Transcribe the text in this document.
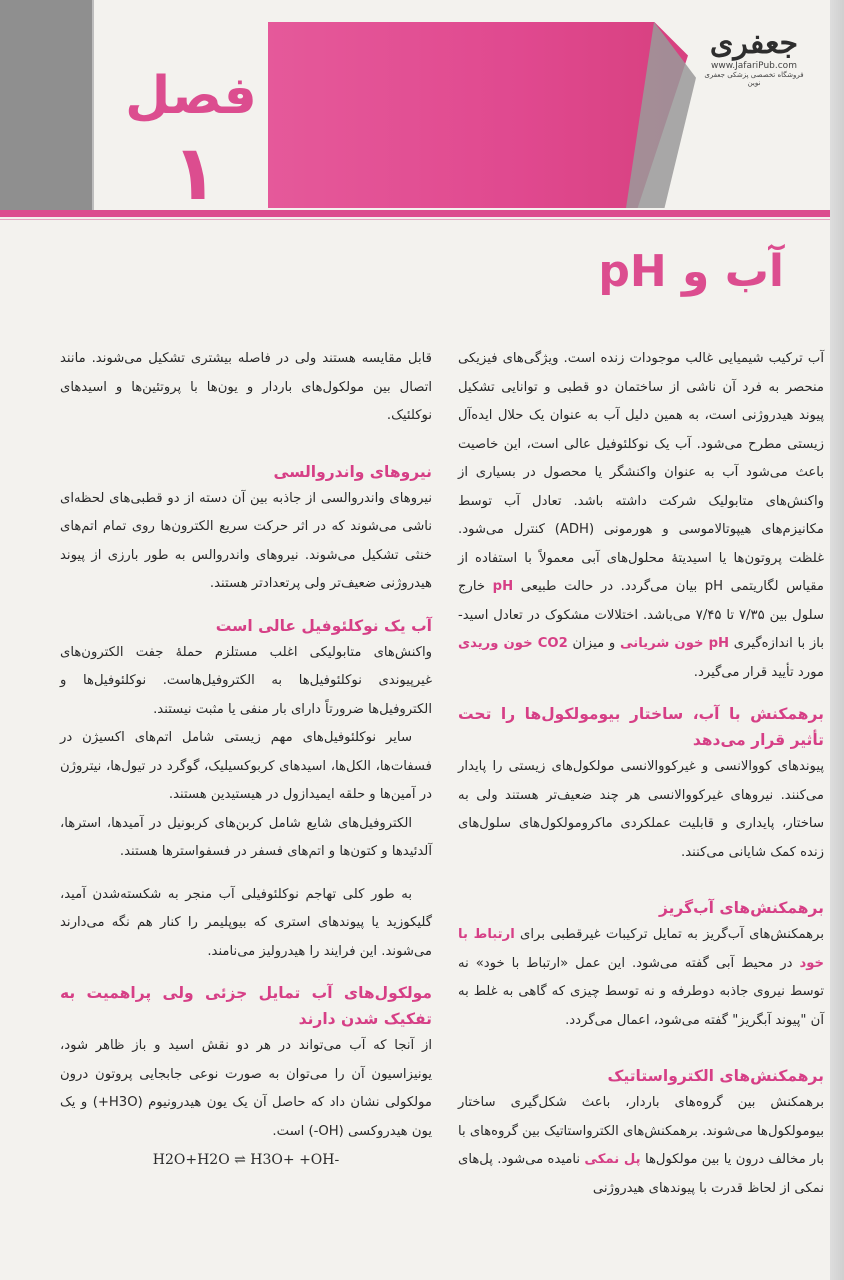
فصل
۱
جعفری
www.JafariPub.com
فروشگاه تخصصی پزشکی جعفری نوین
آب و pH

آب ترکیب شیمیایی غالب موجودات زنده است. ویژگی‌های فیزیکی منحصر به فرد آن ناشی از ساختمان دو قطبی و توانایی تشکیل پیوند هیدروژنی است، به همین دلیل آب به عنوان یک حلال ایده‌آل زیستی مطرح می‌شود. آب یک نوکلئوفیل عالی است، این خاصیت باعث می‌شود آب به عنوان واکنشگر یا محصول در بسیاری از واکنش‌های متابولیک شرکت داشته باشد. تعادل آب توسط مکانیزم‌های هیپوتالاموسی و هورمونی (ADH) کنترل می‌شود. غلظت پروتون‌ها یا اسیدیتهٔ محلول‌های آبی معمولاً با استفاده از مقیاس لگاریتمی pH بیان می‌گردد. در حالت طبیعی pH خارج سلول بین ۷/۳۵ تا ۷/۴۵ می‌باشد. اختلالات مشکوک در تعادل اسید- باز با اندازه‌گیری pH خون شریانی و میزان CO2 خون وریدی مورد تأیید قرار می‌گیرد.

برهمکنش با آب، ساختار بیومولکول‌ها را تحت تأثیر قرار می‌دهد

پیوندهای کووالانسی و غیرکووالانسی مولکول‌های زیستی را پایدار می‌کنند. نیروهای غیرکووالانسی هر چند ضعیف‌تر هستند ولی به ساختار، پایداری و قابلیت عملکردی ماکرومولکول‌های سلول‌های زنده کمک شایانی می‌کنند.

برهمکنش‌های آب‌گریز

برهمکنش‌های آب‌گریز به تمایل ترکیبات غیرقطبی برای ارتباط با خود در محیط آبی گفته می‌شود. این عمل «ارتباط با خود» نه توسط نیروی جاذبه دوطرفه و نه توسط چیزی که گاهی به غلط به آن "پیوند آبگریز" گفته می‌شود، اعمال می‌گردد.

برهمکنش‌های الکترواستاتیک

برهمکنش بین گروه‌های باردار، باعث شکل‌گیری ساختار بیومولکول‌ها می‌شوند. برهمکنش‌های الکترواستاتیک بین گروه‌های با بار مخالف درون یا بین مولکول‌ها پل نمکی نامیده می‌شود. پل‌های نمکی از لحاظ قدرت با پیوندهای هیدروژنی

قابل مقایسه هستند ولی در فاصله بیشتری تشکیل می‌شوند. مانند اتصال بین مولکول‌های باردار و یون‌ها با پروتئین‌ها و اسیدهای نوکلئیک.

نیروهای واندروالسی

نیروهای واندروالسی از جاذبه بین آن دسته از دو قطبی‌های لحظه‌ای ناشی می‌شوند که در اثر حرکت سریع الکترون‌ها روی تمام اتم‌های خنثی تشکیل می‌شوند. نیروهای واندروالس به طور بارزی از پیوند هیدروژنی ضعیف‌تر ولی پرتعدادتر هستند.

آب یک نوکلئوفیل عالی است

واکنش‌های متابولیکی اغلب مستلزم حملهٔ جفت الکترون‌های غیرپیوندی نوکلئوفیل‌ها به الکتروفیل‌هاست. نوکلئوفیل‌ها و الکتروفیل‌ها ضرورتاً دارای بار منفی یا مثبت نیستند.

سایر نوکلئوفیل‌های مهم زیستی شامل اتم‌های اکسیژن در فسفات‌ها، الکل‌ها، اسیدهای کربوکسیلیک، گوگرد در تیول‌ها، نیتروژن در آمین‌ها و حلقه ایمیدازول در هیستیدین هستند.

الکتروفیل‌های شایع شامل کربن‌های کربونیل در آمیدها، استرها، آلدئیدها و کتون‌ها و اتم‌های فسفر در فسفواسترها هستند.

به طور کلی تهاجم نوکلئوفیلی آب منجر به شکسته‌شدن آمید، گلیکوزید یا پیوندهای استری که بیوپلیمر را کنار هم نگه می‌دارند می‌شوند. این فرایند را هیدرولیز می‌نامند.

مولکول‌های آب تمایل جزئی ولی پراهمیت به تفکیک شدن دارند

از آنجا که آب می‌تواند در هر دو نقش اسید و باز ظاهر شود، یونیزاسیون آن را می‌توان به صورت نوعی جابجایی پروتون درون مولکولی نشان داد که حاصل آن یک یون هیدرونیوم (H3O+) و یک یون هیدروکسی (OH-) است.

H2O+H2O ⇌ H3O+ +OH-
